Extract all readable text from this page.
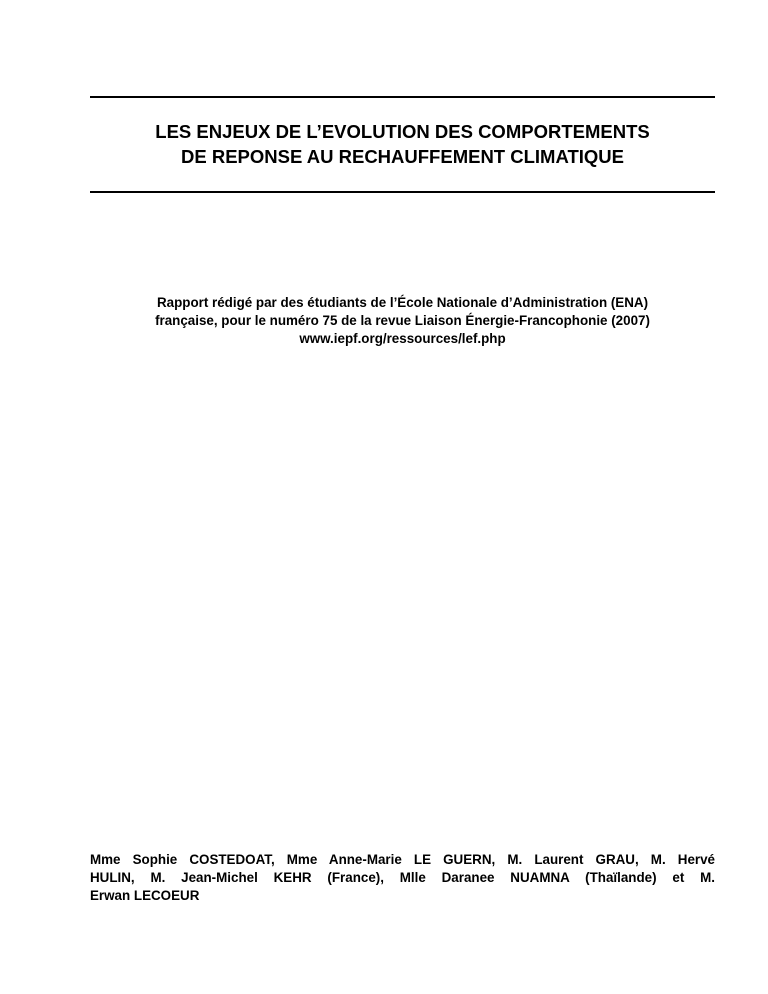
LES ENJEUX DE L’EVOLUTION DES COMPORTEMENTS
DE REPONSE AU RECHAUFFEMENT CLIMATIQUE

Rapport rédigé par des étudiants de l’École Nationale d’Administration (ENA)
française, pour le numéro 75 de la revue Liaison Énergie-Francophonie (2007)
www.iepf.org/ressources/lef.php

Mme Sophie COSTEDOAT, Mme Anne-Marie LE GUERN, M. Laurent GRAU, M. Hervé
HULIN, M. Jean-Michel KEHR (France), Mlle Daranee NUAMNA (Thaïlande) et M.
Erwan LECOEUR
